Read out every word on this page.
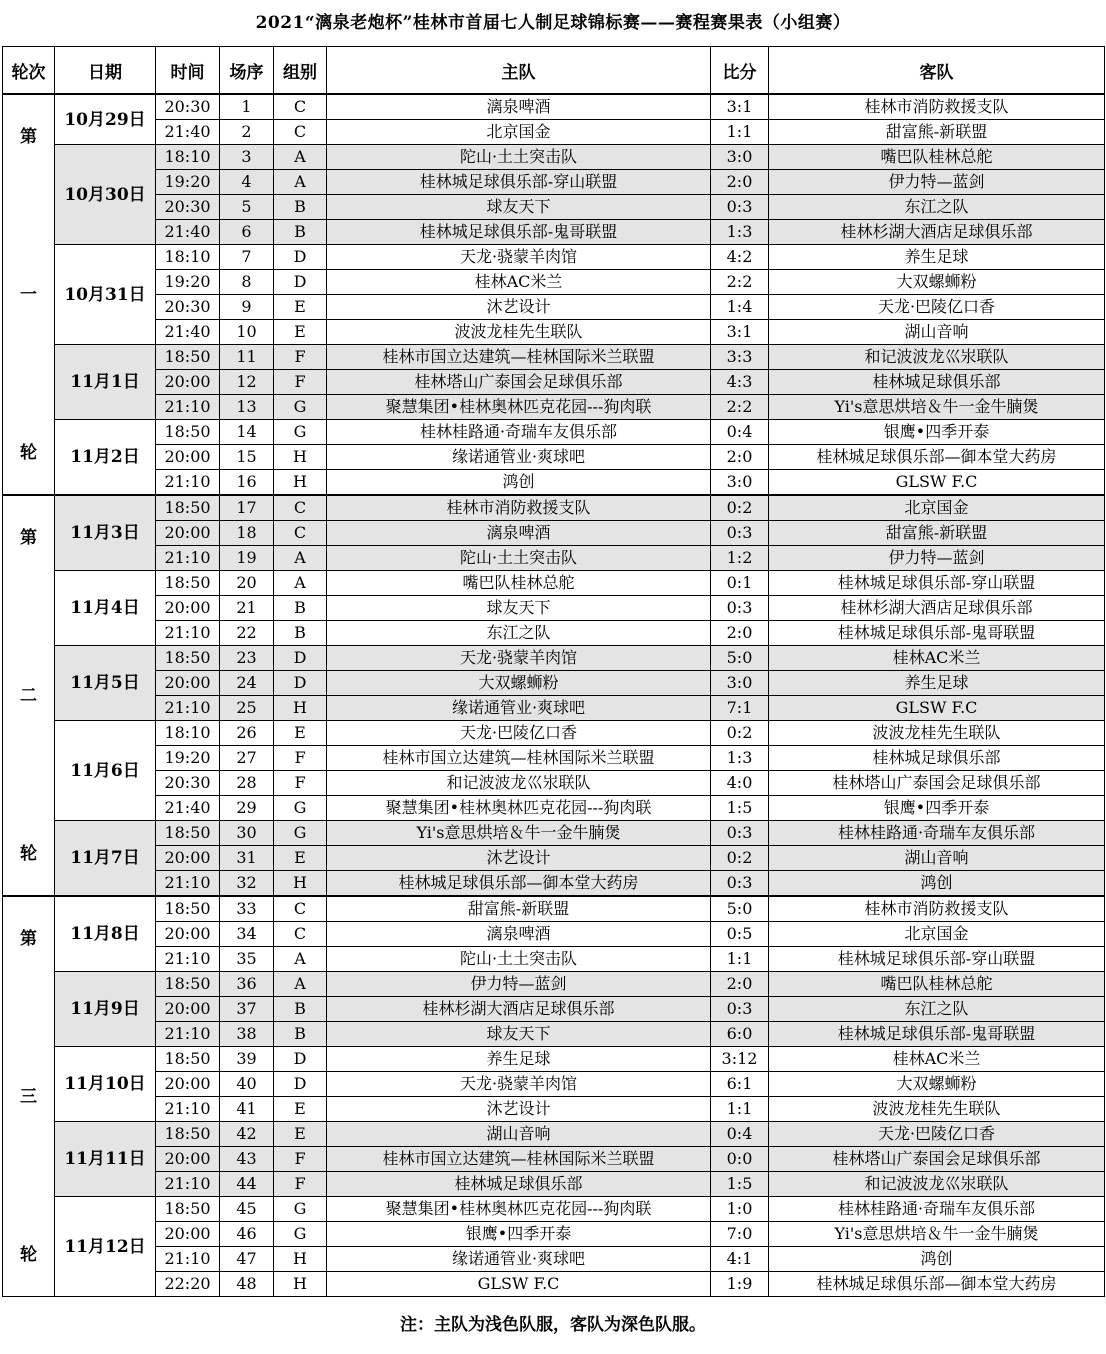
2021“漓泉老炮杯”桂林市首届七人制足球锦标赛——赛程赛果表（小组赛）
轮次	日期	时间	场序	组别	主队	比分	客队

第
一
轮	10月29日	20:30	1	C	漓泉啤酒	3:1	桂林市消防救援支队
		21:40	2	C	北京国金	1:1	甜富熊-新联盟
	10月30日	18:10	3	A	陀山·土土突击队	3:0	嘴巴队桂林总舵
		19:20	4	A	桂林城足球俱乐部-穿山联盟	2:0	伊力特—蓝剑
		20:30	5	B	球友天下	0:3	东江之队
		21:40	6	B	桂林城足球俱乐部-鬼哥联盟	1:3	桂林杉湖大酒店足球俱乐部
	10月31日	18:10	7	D	天龙·骁蒙羊肉馆	4:2	养生足球
		19:20	8	D	桂林AC米兰	2:2	大双螺蛳粉
		20:30	9	E	沐艺设计	1:4	天龙·巴陵亿口香
		21:40	10	E	波波龙桂先生联队	3:1	湖山音响
	11月1日	18:50	11	F	桂林市国立达建筑—桂林国际米兰联盟	3:3	和记波波龙巛汖联队
		20:00	12	F	桂林塔山广泰国会足球俱乐部	4:3	桂林城足球俱乐部
		21:10	13	G	聚慧集团•桂林奥林匹克花园---狗肉联	2:2	Yi's意思烘培＆牛一金牛腩煲
	11月2日	18:50	14	G	桂林桂路通·奇瑞车友俱乐部	0:4	银鹰•四季开泰
		20:00	15	H	缘诺通管业·爽球吧	2:0	桂林城足球俱乐部—御本堂大药房
		21:10	16	H	鸿创	3:0	GLSW F.C

第
二
轮	11月3日	18:50	17	C	桂林市消防救援支队	0:2	北京国金
		20:00	18	C	漓泉啤酒	0:3	甜富熊-新联盟
		21:10	19	A	陀山·土土突击队	1:2	伊力特—蓝剑
	11月4日	18:50	20	A	嘴巴队桂林总舵	0:1	桂林城足球俱乐部-穿山联盟
		20:00	21	B	球友天下	0:3	桂林杉湖大酒店足球俱乐部
		21:10	22	B	东江之队	2:0	桂林城足球俱乐部-鬼哥联盟
	11月5日	18:50	23	D	天龙·骁蒙羊肉馆	5:0	桂林AC米兰
		20:00	24	D	大双螺蛳粉	3:0	养生足球
		21:10	25	H	缘诺通管业·爽球吧	7:1	GLSW F.C
	11月6日	18:10	26	E	天龙·巴陵亿口香	0:2	波波龙桂先生联队
		19:20	27	F	桂林市国立达建筑—桂林国际米兰联盟	1:3	桂林城足球俱乐部
		20:30	28	F	和记波波龙巛汖联队	4:0	桂林塔山广泰国会足球俱乐部
		21:40	29	G	聚慧集团•桂林奥林匹克花园---狗肉联	1:5	银鹰•四季开泰
	11月7日	18:50	30	G	Yi's意思烘培＆牛一金牛腩煲	0:3	桂林桂路通·奇瑞车友俱乐部
		20:00	31	E	沐艺设计	0:2	湖山音响
		21:10	32	H	桂林城足球俱乐部—御本堂大药房	0:3	鸿创

第
三
轮	11月8日	18:50	33	C	甜富熊-新联盟	5:0	桂林市消防救援支队
		20:00	34	C	漓泉啤酒	0:5	北京国金
		21:10	35	A	陀山·土土突击队	1:1	桂林城足球俱乐部-穿山联盟
	11月9日	18:50	36	A	伊力特—蓝剑	2:0	嘴巴队桂林总舵
		20:00	37	B	桂林杉湖大酒店足球俱乐部	0:3	东江之队
		21:10	38	B	球友天下	6:0	桂林城足球俱乐部-鬼哥联盟
	11月10日	18:50	39	D	养生足球	3:12	桂林AC米兰
		20:00	40	D	天龙·骁蒙羊肉馆	6:1	大双螺蛳粉
		21:10	41	E	沐艺设计	1:1	波波龙桂先生联队
	11月11日	18:50	42	E	湖山音响	0:4	天龙·巴陵亿口香
		20:00	43	F	桂林市国立达建筑—桂林国际米兰联盟	0:0	桂林塔山广泰国会足球俱乐部
		21:10	44	F	桂林城足球俱乐部	1:5	和记波波龙巛汖联队
	11月12日	18:50	45	G	聚慧集团•桂林奥林匹克花园---狗肉联	1:0	桂林桂路通·奇瑞车友俱乐部
		20:00	46	G	银鹰•四季开泰	7:0	Yi's意思烘培＆牛一金牛腩煲
		21:10	47	H	缘诺通管业·爽球吧	4:1	鸿创
		22:20	48	H	GLSW F.C	1:9	桂林城足球俱乐部—御本堂大药房
注：主队为浅色队服，客队为深色队服。
